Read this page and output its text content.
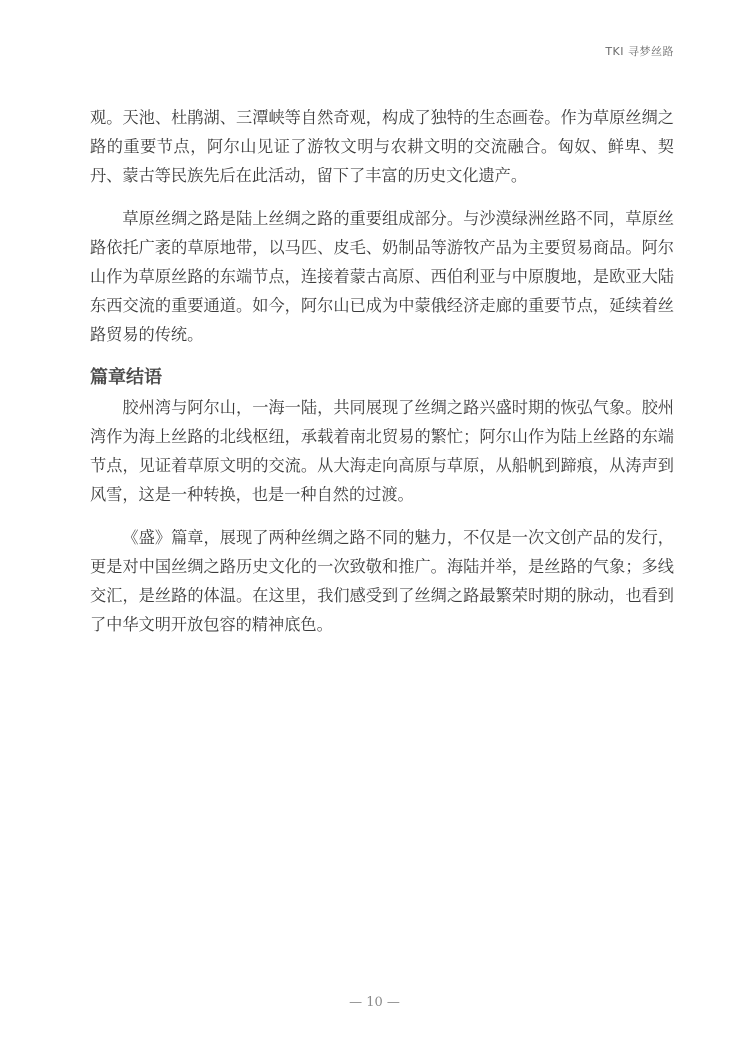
TKI 寻梦丝路

观。天池、杜鹃湖、三潭峡等自然奇观，构成了独特的生态画卷。作为草原丝绸之路的重要节点，阿尔山见证了游牧文明与农耕文明的交流融合。匈奴、鲜卑、契丹、蒙古等民族先后在此活动，留下了丰富的历史文化遗产。

草原丝绸之路是陆上丝绸之路的重要组成部分。与沙漠绿洲丝路不同，草原丝路依托广袤的草原地带，以马匹、皮毛、奶制品等游牧产品为主要贸易商品。阿尔山作为草原丝路的东端节点，连接着蒙古高原、西伯利亚与中原腹地，是欧亚大陆东西交流的重要通道。如今，阿尔山已成为中蒙俄经济走廊的重要节点，延续着丝路贸易的传统。

篇章结语

胶州湾与阿尔山，一海一陆，共同展现了丝绸之路兴盛时期的恢弘气象。胶州湾作为海上丝路的北线枢纽，承载着南北贸易的繁忙；阿尔山作为陆上丝路的东端节点，见证着草原文明的交流。从大海走向高原与草原，从船帆到蹄痕，从涛声到风雪，这是一种转换，也是一种自然的过渡。

《盛》篇章，展现了两种丝绸之路不同的魅力，不仅是一次文创产品的发行，更是对中国丝绸之路历史文化的一次致敬和推广。海陆并举，是丝路的气象；多线交汇，是丝路的体温。在这里，我们感受到了丝绸之路最繁荣时期的脉动，也看到了中华文明开放包容的精神底色。

— 10 —
